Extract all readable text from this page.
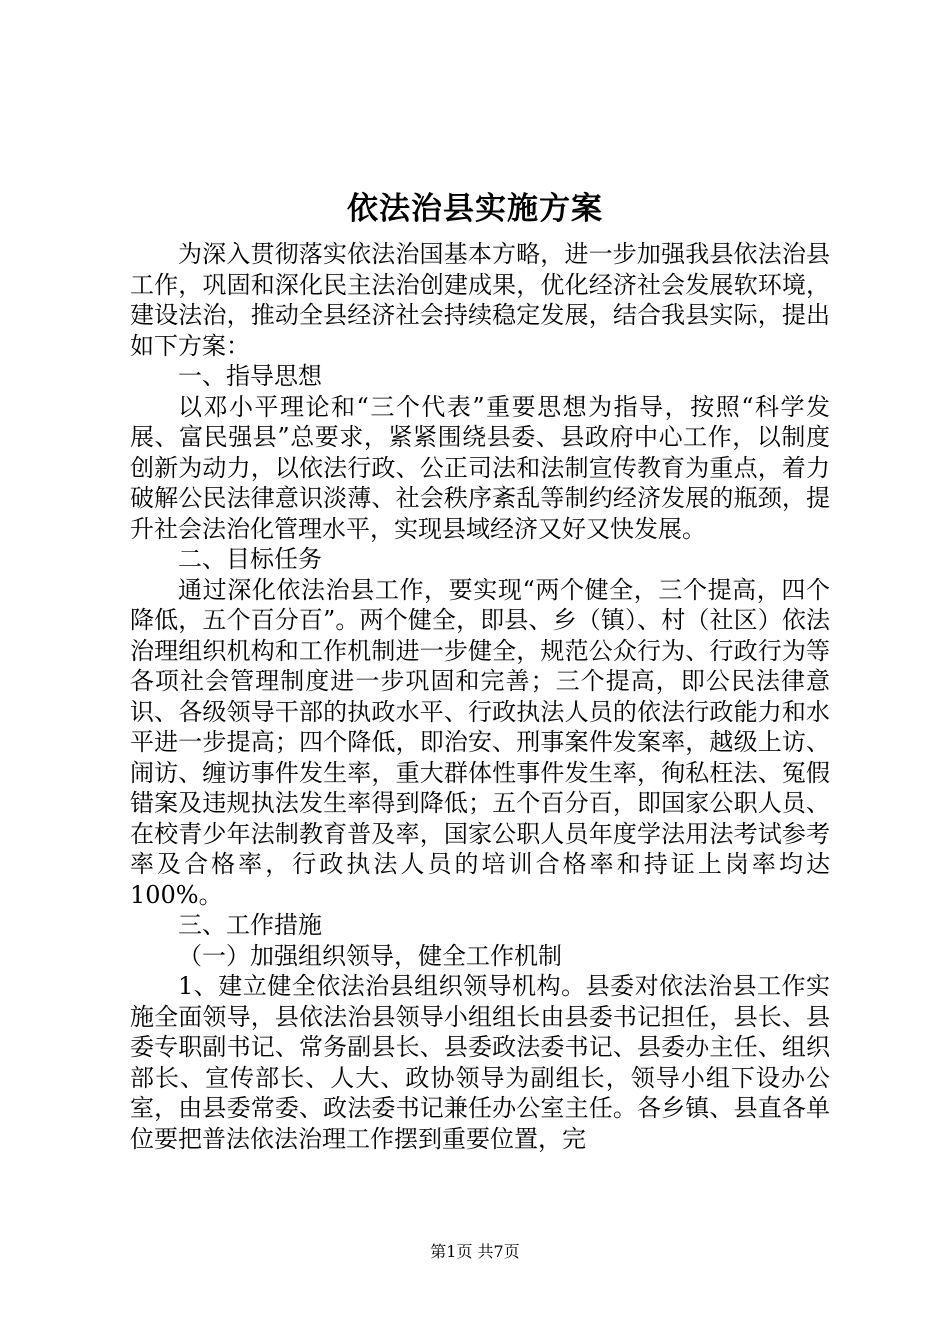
依法治县实施方案

为深入贯彻落实依法治国基本方略，进一步加强我县依法治县工作，巩固和深化民主法治创建成果，优化经济社会发展软环境，建设法治，推动全县经济社会持续稳定发展，结合我县实际，提出如下方案：

一、指导思想

以邓小平理论和“三个代表”重要思想为指导，按照“科学发展、富民强县”总要求，紧紧围绕县委、县政府中心工作，以制度创新为动力，以依法行政、公正司法和法制宣传教育为重点，着力破解公民法律意识淡薄、社会秩序紊乱等制约经济发展的瓶颈，提升社会法治化管理水平，实现县域经济又好又快发展。

二、目标任务

通过深化依法治县工作，要实现“两个健全，三个提高，四个降低，五个百分百”。两个健全，即县、乡（镇）、村（社区）依法治理组织机构和工作机制进一步健全，规范公众行为、行政行为等各项社会管理制度进一步巩固和完善；三个提高，即公民法律意识、各级领导干部的执政水平、行政执法人员的依法行政能力和水平进一步提高；四个降低，即治安、刑事案件发案率，越级上访、闹访、缠访事件发生率，重大群体性事件发生率，徇私枉法、冤假错案及违规执法发生率得到降低；五个百分百，即国家公职人员、在校青少年法制教育普及率，国家公职人员年度学法用法考试参考率及合格率，行政执法人员的培训合格率和持证上岗率均达100%。

三、工作措施

（一）加强组织领导，健全工作机制

1、建立健全依法治县组织领导机构。县委对依法治县工作实施全面领导，县依法治县领导小组组长由县委书记担任，县长、县委专职副书记、常务副县长、县委政法委书记、县委办主任、组织部长、宣传部长、人大、政协领导为副组长，领导小组下设办公室，由县委常委、政法委书记兼任办公室主任。各乡镇、县直各单位要把普法依法治理工作摆到重要位置，完

第1页 共7页
